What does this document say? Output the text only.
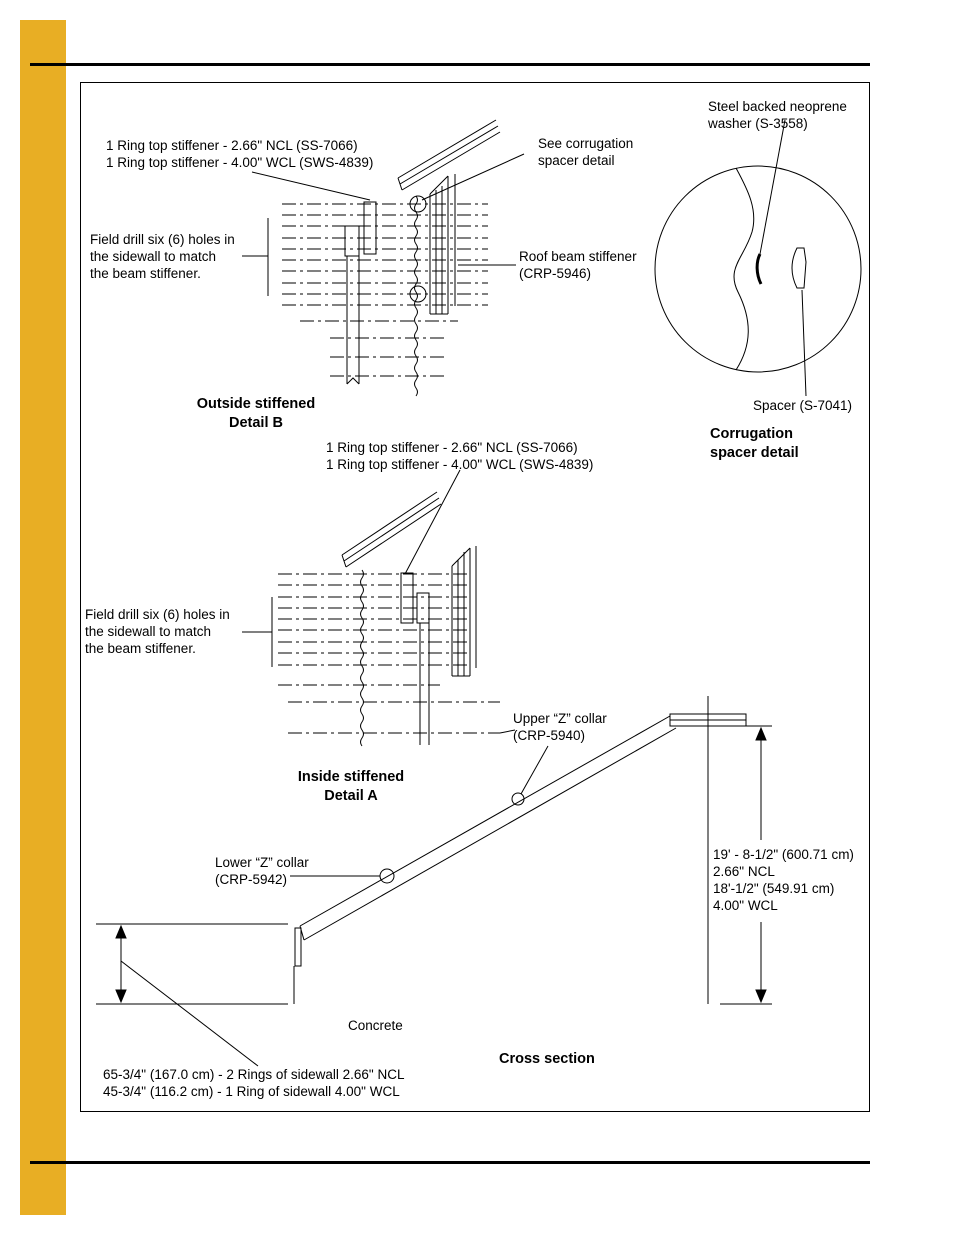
1 Ring top stiffener - 2.66" NCL (SS-7066)
1 Ring top stiffener - 4.00" WCL (SWS-4839)
See corrugation
spacer detail
Field drill six (6) holes in
the sidewall to match
the beam stiffener.
Roof beam stiffener
(CRP-5946)
Outside stiffened
Detail B
Steel backed neoprene
washer (S-3558)
Spacer (S-7041)
Corrugation
spacer detail
1 Ring top stiffener - 2.66" NCL (SS-7066)
1 Ring top stiffener - 4.00" WCL (SWS-4839)
Field drill six (6) holes in
the sidewall to match
the beam stiffener.
Inside stiffened
Detail A
Upper “Z” collar
(CRP-5940)
Lower “Z” collar
(CRP-5942)
19' - 8-1/2" (600.71 cm)
2.66" NCL
18'-1/2" (549.91 cm)
4.00" WCL
Concrete
Cross section
65-3/4" (167.0 cm) - 2 Rings of sidewall 2.66" NCL
45-3/4" (116.2 cm) - 1 Ring of sidewall 4.00" WCL
